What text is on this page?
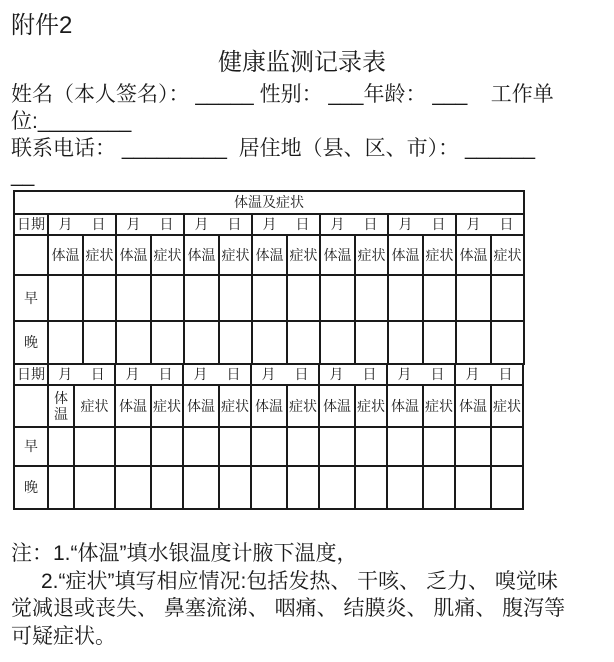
附件2
健康监测记录表
姓名（本人签名）： _____ 性别： ___年龄： ___    工作单
位:________
联系电话： _________  居住地（县、区、市）： ______
__
体温及症状														
日期	月 日		月 日		月 日		月 日		月 日		月 日		月 日	

	体温	症状	体温	症状	体温	症状	体温	症状	体温	症状	体温	症状	体温	症状
早														
晚														
日期	月 日		月 日		月 日		月 日		月 日		月 日		月 日	

	体温	症状	体温	症状	体温	症状	体温	症状	体温	症状	体温	症状	体温	症状
早														
晚														
注：1.“体温”填水银温度计腋下温度，
2.“症状”填写相应情况:包括发热、 干咳、 乏力、 嗅觉味
觉减退或丧失、 鼻塞流涕、 咽痛、 结膜炎、 肌痛、 腹泻等
可疑症状。
